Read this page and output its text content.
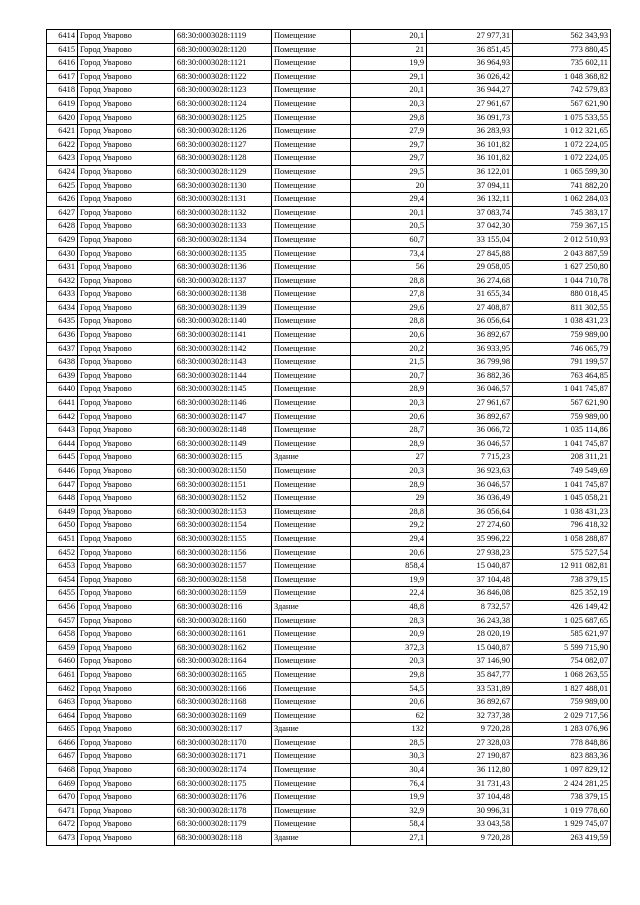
6414	Город Уварово	68:30:0003028:1119	Помещение	20,1	27 977,31	562 343,93
6415	Город Уварово	68:30:0003028:1120	Помещение	21	36 851,45	773 880,45
6416	Город Уварово	68:30:0003028:1121	Помещение	19,9	36 964,93	735 602,11
6417	Город Уварово	68:30:0003028:1122	Помещение	29,1	36 026,42	1 048 368,82
6418	Город Уварово	68:30:0003028:1123	Помещение	20,1	36 944,27	742 579,83
6419	Город Уварово	68:30:0003028:1124	Помещение	20,3	27 961,67	567 621,90
6420	Город Уварово	68:30:0003028:1125	Помещение	29,8	36 091,73	1 075 533,55
6421	Город Уварово	68:30:0003028:1126	Помещение	27,9	36 283,93	1 012 321,65
6422	Город Уварово	68:30:0003028:1127	Помещение	29,7	36 101,82	1 072 224,05
6423	Город Уварово	68:30:0003028:1128	Помещение	29,7	36 101,82	1 072 224,05
6424	Город Уварово	68:30:0003028:1129	Помещение	29,5	36 122,01	1 065 599,30
6425	Город Уварово	68:30:0003028:1130	Помещение	20	37 094,11	741 882,20
6426	Город Уварово	68:30:0003028:1131	Помещение	29,4	36 132,11	1 062 284,03
6427	Город Уварово	68:30:0003028:1132	Помещение	20,1	37 083,74	745 383,17
6428	Город Уварово	68:30:0003028:1133	Помещение	20,5	37 042,30	759 367,15
6429	Город Уварово	68:30:0003028:1134	Помещение	60,7	33 155,04	2 012 510,93
6430	Город Уварово	68:30:0003028:1135	Помещение	73,4	27 845,88	2 043 887,59
6431	Город Уварово	68:30:0003028:1136	Помещение	56	29 058,05	1 627 250,80
6432	Город Уварово	68:30:0003028:1137	Помещение	28,8	36 274,68	1 044 710,78
6433	Город Уварово	68:30:0003028:1138	Помещение	27,8	31 655,34	880 018,45
6434	Город Уварово	68:30:0003028:1139	Помещение	29,6	27 408,87	811 302,55
6435	Город Уварово	68:30:0003028:1140	Помещение	28,8	36 056,64	1 038 431,23
6436	Город Уварово	68:30:0003028:1141	Помещение	20,6	36 892,67	759 989,00
6437	Город Уварово	68:30:0003028:1142	Помещение	20,2	36 933,95	746 065,79
6438	Город Уварово	68:30:0003028:1143	Помещение	21,5	36 799,98	791 199,57
6439	Город Уварово	68:30:0003028:1144	Помещение	20,7	36 882,36	763 464,85
6440	Город Уварово	68:30:0003028:1145	Помещение	28,9	36 046,57	1 041 745,87
6441	Город Уварово	68:30:0003028:1146	Помещение	20,3	27 961,67	567 621,90
6442	Город Уварово	68:30:0003028:1147	Помещение	20,6	36 892,67	759 989,00
6443	Город Уварово	68:30:0003028:1148	Помещение	28,7	36 066,72	1 035 114,86
6444	Город Уварово	68:30:0003028:1149	Помещение	28,9	36 046,57	1 041 745,87
6445	Город Уварово	68:30:0003028:115	Здание	27	7 715,23	208 311,21
6446	Город Уварово	68:30:0003028:1150	Помещение	20,3	36 923,63	749 549,69
6447	Город Уварово	68:30:0003028:1151	Помещение	28,9	36 046,57	1 041 745,87
6448	Город Уварово	68:30:0003028:1152	Помещение	29	36 036,49	1 045 058,21
6449	Город Уварово	68:30:0003028:1153	Помещение	28,8	36 056,64	1 038 431,23
6450	Город Уварово	68:30:0003028:1154	Помещение	29,2	27 274,60	796 418,32
6451	Город Уварово	68:30:0003028:1155	Помещение	29,4	35 996,22	1 058 288,87
6452	Город Уварово	68:30:0003028:1156	Помещение	20,6	27 938,23	575 527,54
6453	Город Уварово	68:30:0003028:1157	Помещение	858,4	15 040,87	12 911 082,81
6454	Город Уварово	68:30:0003028:1158	Помещение	19,9	37 104,48	738 379,15
6455	Город Уварово	68:30:0003028:1159	Помещение	22,4	36 846,08	825 352,19
6456	Город Уварово	68:30:0003028:116	Здание	48,8	8 732,57	426 149,42
6457	Город Уварово	68:30:0003028:1160	Помещение	28,3	36 243,38	1 025 687,65
6458	Город Уварово	68:30:0003028:1161	Помещение	20,9	28 020,19	585 621,97
6459	Город Уварово	68:30:0003028:1162	Помещение	372,3	15 040,87	5 599 715,90
6460	Город Уварово	68:30:0003028:1164	Помещение	20,3	37 146,90	754 082,07
6461	Город Уварово	68:30:0003028:1165	Помещение	29,8	35 847,77	1 068 263,55
6462	Город Уварово	68:30:0003028:1166	Помещение	54,5	33 531,89	1 827 488,01
6463	Город Уварово	68:30:0003028:1168	Помещение	20,6	36 892,67	759 989,00
6464	Город Уварово	68:30:0003028:1169	Помещение	62	32 737,38	2 029 717,56
6465	Город Уварово	68:30:0003028:117	Здание	132	9 720,28	1 283 076,96
6466	Город Уварово	68:30:0003028:1170	Помещение	28,5	27 328,03	778 848,86
6467	Город Уварово	68:30:0003028:1171	Помещение	30,3	27 190,87	823 883,36
6468	Город Уварово	68:30:0003028:1174	Помещение	30,4	36 112,80	1 097 829,12
6469	Город Уварово	68:30:0003028:1175	Помещение	76,4	31 731,43	2 424 281,25
6470	Город Уварово	68:30:0003028:1176	Помещение	19,9	37 104,48	738 379,15
6471	Город Уварово	68:30:0003028:1178	Помещение	32,9	30 996,31	1 019 778,60
6472	Город Уварово	68:30:0003028:1179	Помещение	58,4	33 043,58	1 929 745,07
6473	Город Уварово	68:30:0003028:118	Здание	27,1	9 720,28	263 419,59
